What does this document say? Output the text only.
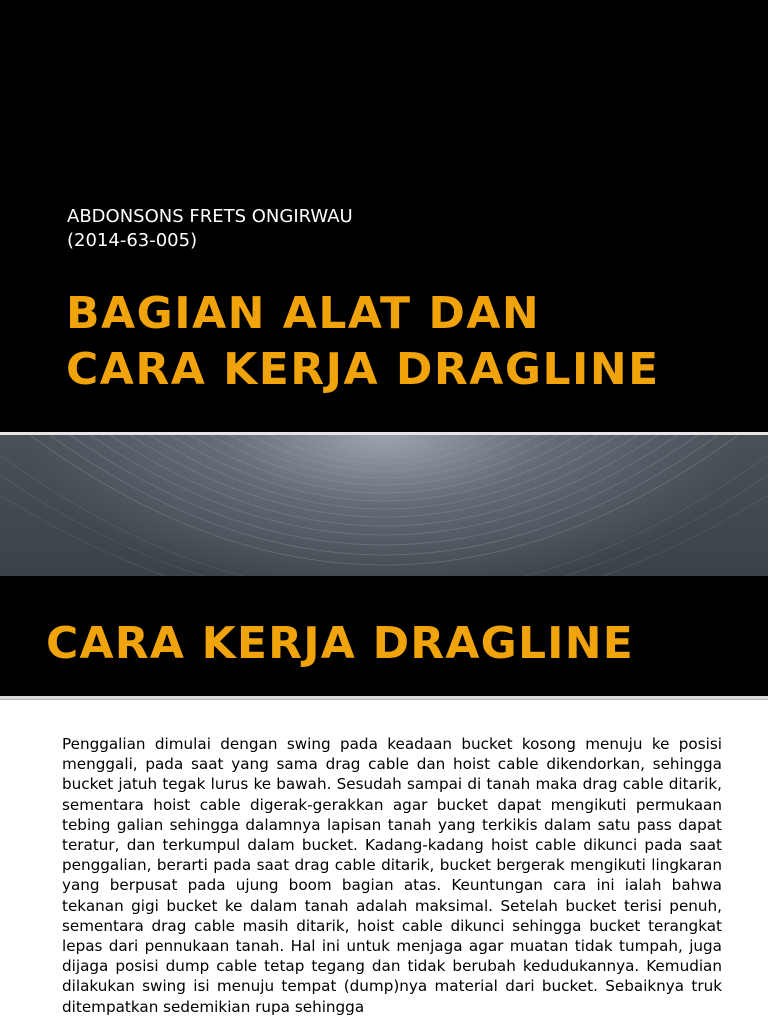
ABDONSONS FRETS ONGIRWAU
(2014-63-005)
BAGIAN ALAT DAN
CARA KERJA DRAGLINE
CARA KERJA DRAGLINE

Penggalian dimulai dengan swing pada keadaan bucket kosong menuju ke posisi menggali, pada saat yang sama drag cable dan hoist cable dikendorkan, sehingga bucket jatuh tegak lurus ke bawah. Sesudah sampai di tanah maka drag cable ditarik, sementara hoist cable digerak-gerakkan agar bucket dapat mengikuti permukaan tebing galian sehingga dalamnya lapisan tanah yang terkikis dalam satu pass dapat teratur, dan terkumpul dalam bucket. Kadang-kadang hoist cable dikunci pada saat penggalian, berarti pada saat drag cable ditarik, bucket bergerak mengikuti lingkaran yang berpusat pada ujung boom bagian atas. Keuntungan cara ini ialah bahwa tekanan gigi bucket ke dalam tanah adalah maksimal. Setelah bucket terisi penuh, sementara drag cable masih ditarik, hoist cable dikunci sehingga bucket terangkat lepas dari pennukaan tanah. Hal ini untuk menjaga agar muatan tidak tumpah, juga dijaga posisi dump cable tetap tegang dan tidak berubah kedudukannya. Kemudian dilakukan swing isi menuju tempat (dump)nya material dari bucket. Sebaiknya truk ditempatkan sedemikian rupa sehingga
